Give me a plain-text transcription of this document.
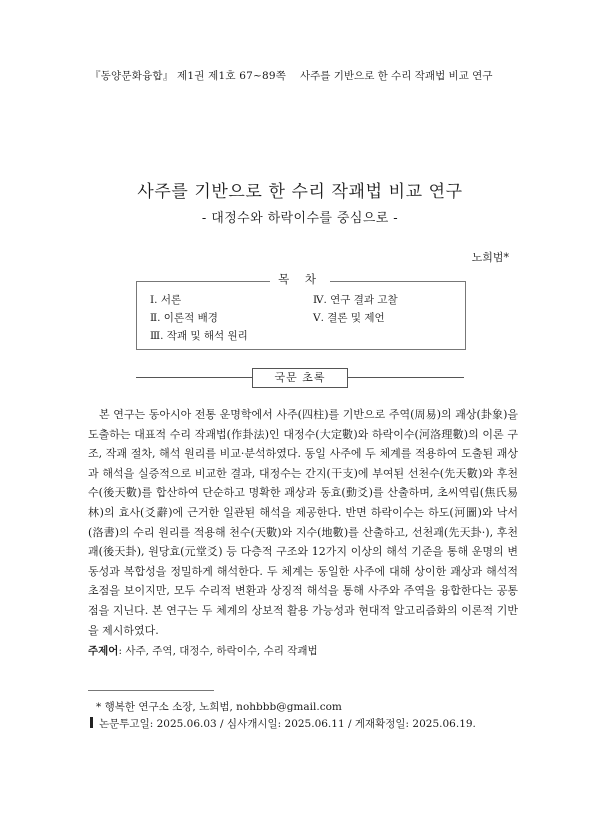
『동양문화융합』 제1권 제1호 67~89쪽 사주를 기반으로 한 수리 작괘법 비교 연구
사주를 기반으로 한 수리 작괘법 비교 연구
- 대정수와 하락이수를 중심으로 -
노희범*
목 차
Ⅰ. 서론
Ⅱ. 이론적 배경
Ⅲ. 작괘 및 해석 원리
Ⅳ. 연구 결과 고찰
Ⅴ. 결론 및 제언
국문 초록
본 연구는 동아시아 전통 운명학에서 사주(四柱)를 기반으로 주역(周易)의 괘상(卦象)을 도출하는 대표적 수리 작괘법(作卦法)인 대정수(大定數)와 하락이수(河洛理數)의 이론 구조, 작괘 절차, 해석 원리를 비교·분석하였다. 동일 사주에 두 체계를 적용하여 도출된 괘상과 해석을 실증적으로 비교한 결과, 대정수는 간지(干支)에 부여된 선천수(先天數)와 후천수(後天數)를 합산하여 단순하고 명확한 괘상과 동효(動爻)를 산출하며, 초씨역림(焦氏易林)의 효사(爻辭)에 근거한 일관된 해석을 제공한다. 반면 하락이수는 하도(河圖)와 낙서(洛書)의 수리 원리를 적용해 천수(天數)와 지수(地數)를 산출하고, 선천괘(先天卦·), 후천괘(後天卦), 원당효(元堂爻) 등 다층적 구조와 12가지 이상의 해석 기준을 통해 운명의 변동성과 복합성을 정밀하게 해석한다. 두 체계는 동일한 사주에 대해 상이한 괘상과 해석적 초점을 보이지만, 모두 수리적 변환과 상징적 해석을 통해 사주와 주역을 융합한다는 공통점을 지닌다. 본 연구는 두 체계의 상보적 활용 가능성과 현대적 알고리즘화의 이론적 기반을 제시하였다.
주제어: 사주, 주역, 대정수, 하락이수, 수리 작괘법
* 행복한 연구소 소장, 노희범, nohbbb@gmail.com
논문투고일: 2025.06.03 / 심사개시일: 2025.06.11 / 게재확정일: 2025.06.19.
